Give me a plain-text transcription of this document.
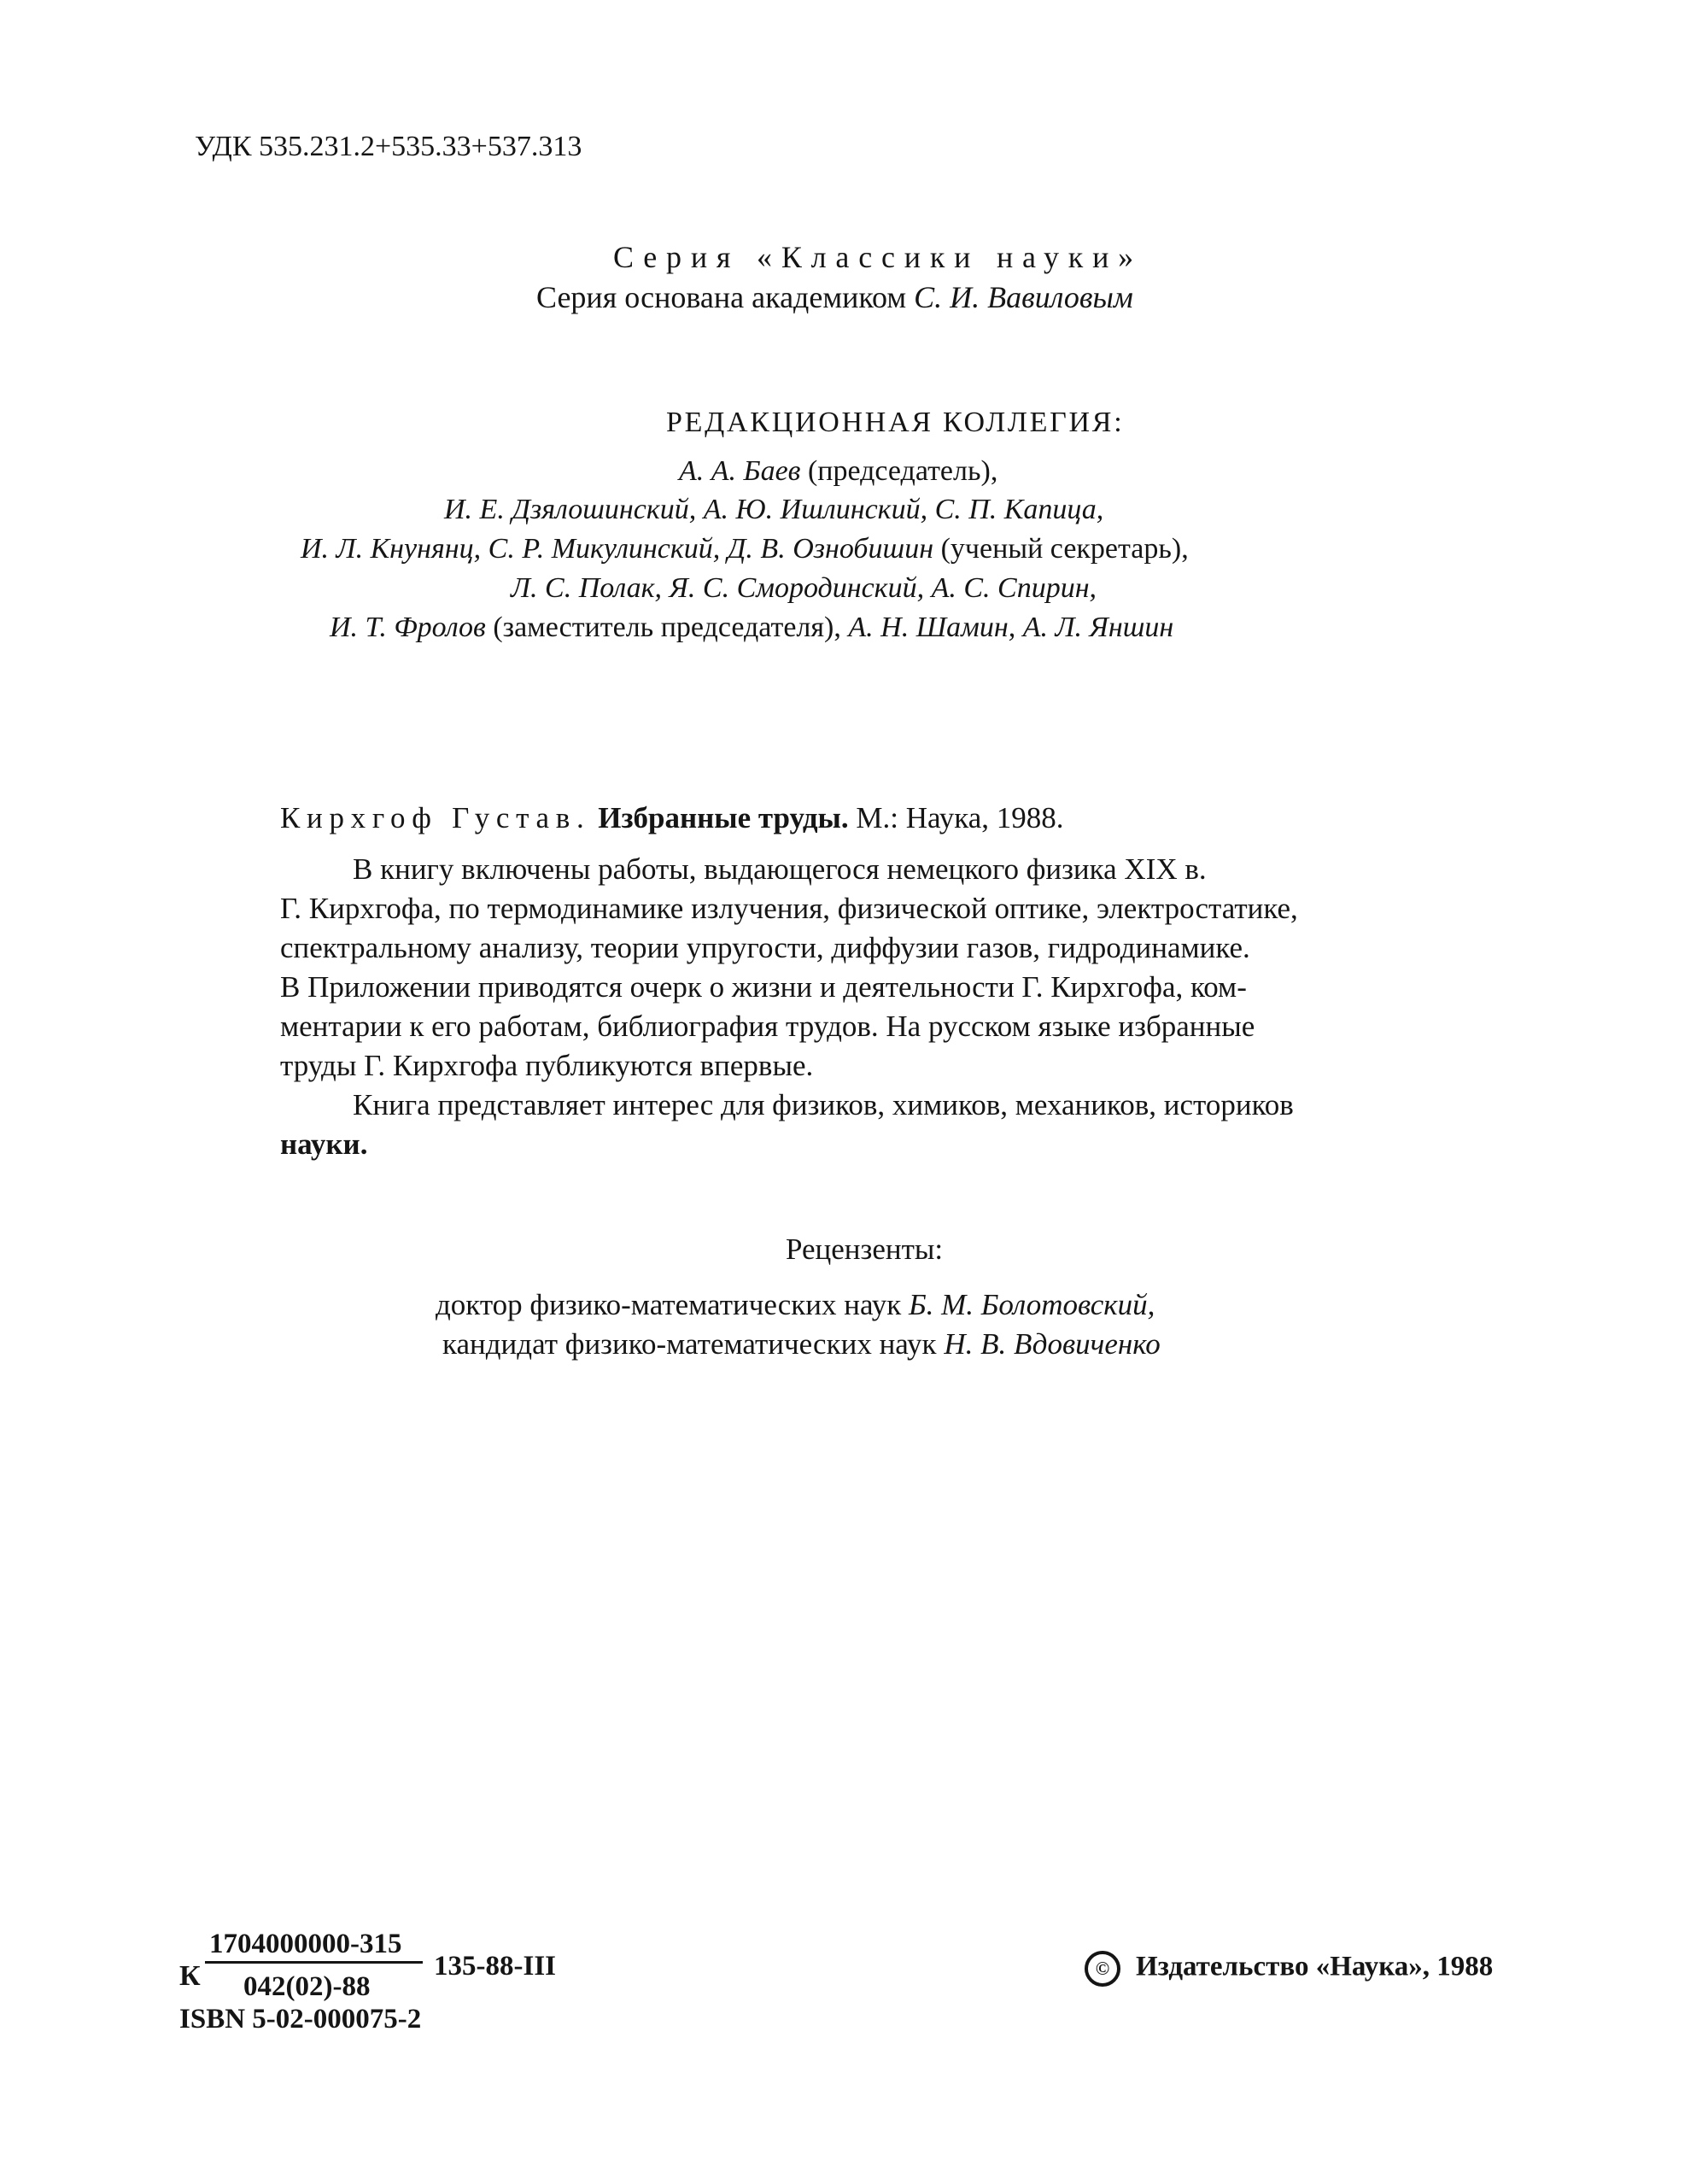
УДК 535.231.2+535.33+537.313
Серия «Классики науки»
Серия основана академиком С. И. Вавиловым
РЕДАКЦИОННАЯ КОЛЛЕГИЯ:
А. А. Баев (председатель),
И. Е. Дзялошинский, А. Ю. Ишлинский, С. П. Капица,
И. Л. Кнунянц, С. Р. Микулинский, Д. В. Ознобишин (ученый секретарь),
Л. С. Полак, Я. С. Смородинский, А. С. Спирин,
И. Т. Фролов (заместитель председателя), А. Н. Шамин, А. Л. Яншин
Кирхгоф Густав. Избранные труды. М.: Наука, 1988.
В книгу включены работы, выдающегося немецкого физика XIX в.
Г. Кирхгофа, по термодинамике излучения, физической оптике, электростатике,
спектральному анализу, теории упругости, диффузии газов, гидродинамике.
В Приложении приводятся очерк о жизни и деятельности Г. Кирхгофа, ком-
ментарии к его работам, библиография трудов. На русском языке избранные
труды Г. Кирхгофа публикуются впервые.
Книга представляет интерес для физиков, химиков, механиков, историков
науки.
Рецензенты:
доктор физико-математических наук Б. М. Болотовский,
кандидат физико-математических наук Н. В. Вдовиченко
К
1704000000-315
042(02)-88
135-88-III
ISBN 5-02-000075-2
© Издательство «Наука», 1988
